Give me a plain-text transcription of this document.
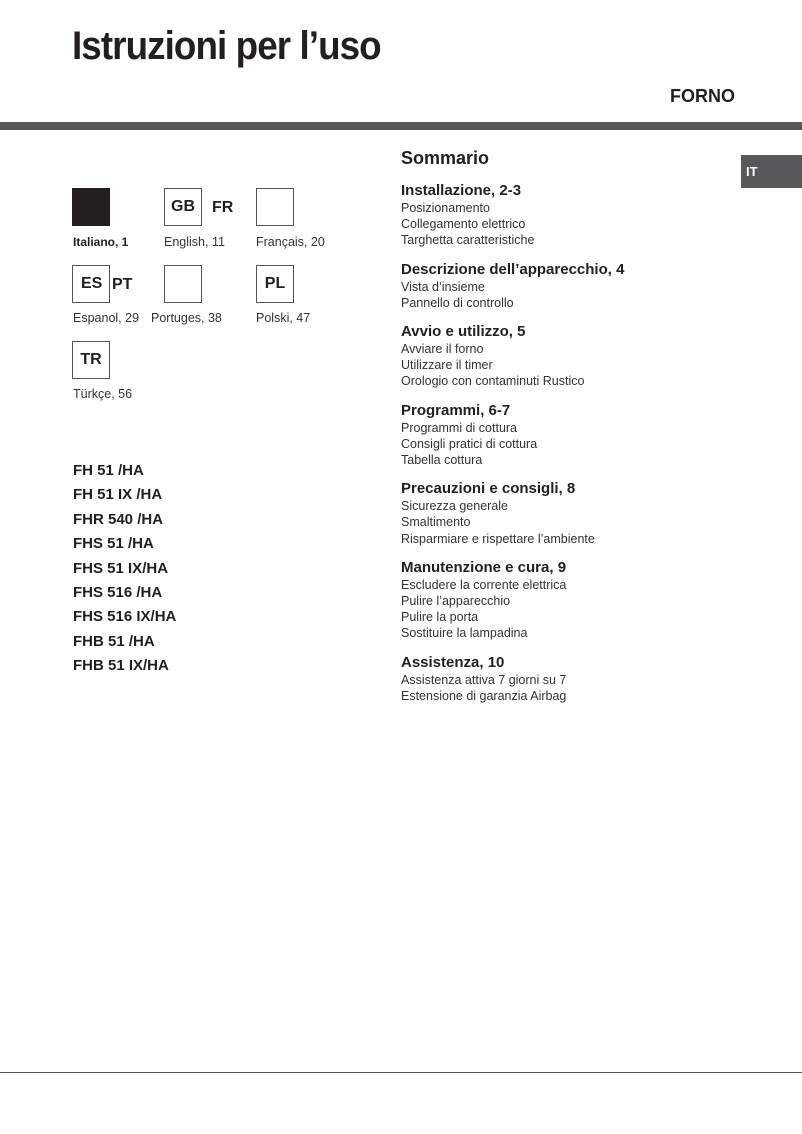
Istruzioni per l’uso
FORNO
IT
GB	FR
Italiano, 1	English, 11 Français, 20
ES PT	PL
Espanol, 29 Portuges, 38	Polski, 47
TR
Türkçe, 56
FH 51 /HA
FH 51 IX /HA
FHR 540 /HA
FHS 51 /HA
FHS 51 IX/HA
FHS 516 /HA
FHS 516 IX/HA
FHB 51 /HA
FHB 51 IX/HA
Sommario
Installazione, 2-3
Posizionamento
Collegamento elettrico
Targhetta caratteristiche
Descrizione dell’apparecchio, 4
Vista d’insieme
Pannello di controllo
Avvio e utilizzo, 5
Avviare il forno
Utilizzare il timer
Orologio con contaminuti Rustico
Programmi, 6-7
Programmi di cottura
Consigli pratici di cottura
Tabella cottura
Precauzioni e consigli, 8
Sicurezza generale
Smaltimento
Risparmiare e rispettare l’ambiente
Manutenzione e cura, 9
Escludere la corrente elettrica
Pulire l’apparecchio
Pulire la porta
Sostituire la lampadina
Assistenza, 10
Assistenza attiva 7 giorni su 7
Estensione di garanzia Airbag
